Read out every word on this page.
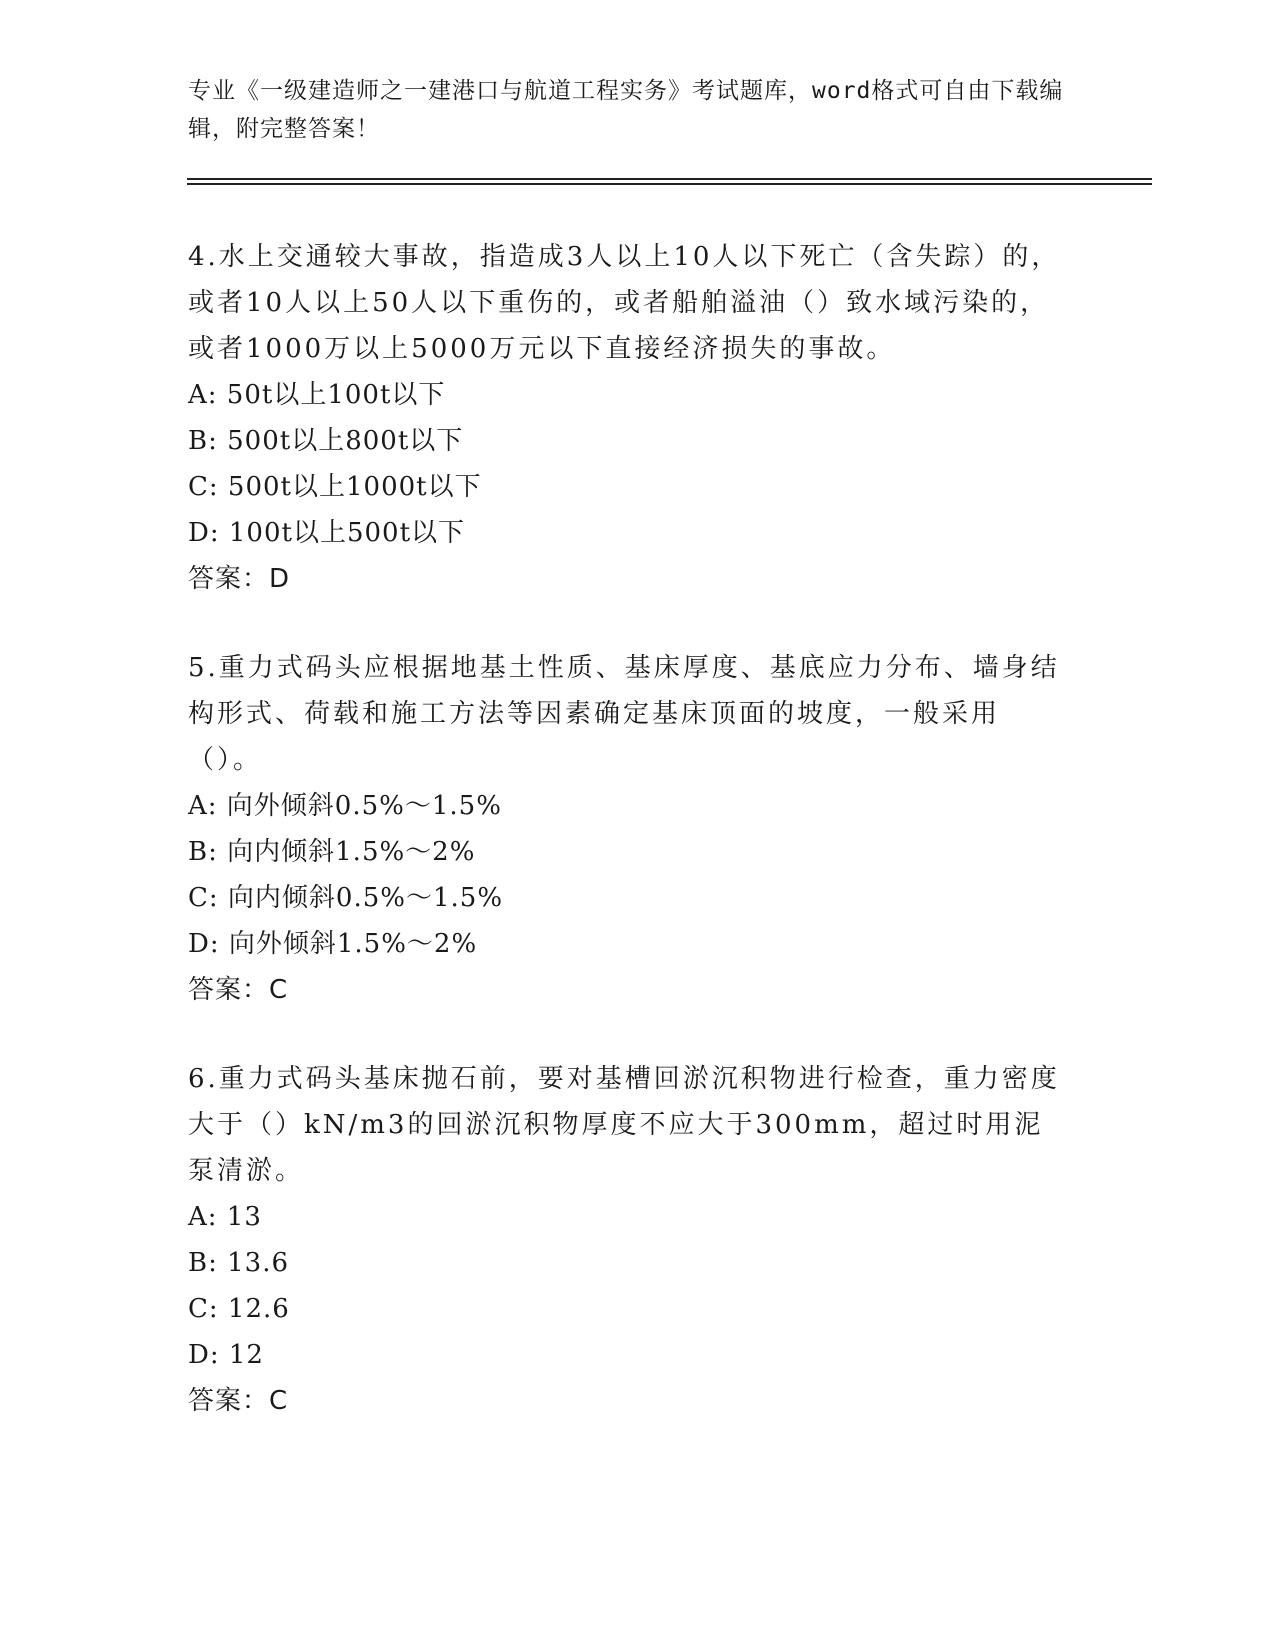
专业《一级建造师之一建港口与航道工程实务》考试题库，word格式可自由下载编辑，附完整答案！

4.水上交通较大事故，指造成3人以上10人以下死亡（含失踪）的，或者10人以上50人以下重伤的，或者船舶溢油（）致水域污染的，或者1000万以上5000万元以下直接经济损失的事故。

A: 50t以上100t以下

B: 500t以上800t以下

C: 500t以上1000t以下

D: 100t以上500t以下

答案：D

5.重力式码头应根据地基土性质、基床厚度、基底应力分布、墙身结构形式、荷载和施工方法等因素确定基床顶面的坡度，一般采用（）。

A: 向外倾斜0.5%～1.5%

B: 向内倾斜1.5%～2%

C: 向内倾斜0.5%～1.5%

D: 向外倾斜1.5%～2%

答案：C

6.重力式码头基床抛石前，要对基槽回淤沉积物进行检查，重力密度大于（）kN/m3的回淤沉积物厚度不应大于300mm，超过时用泥泵清淤。

A: 13

B: 13.6

C: 12.6

D: 12

答案：C
